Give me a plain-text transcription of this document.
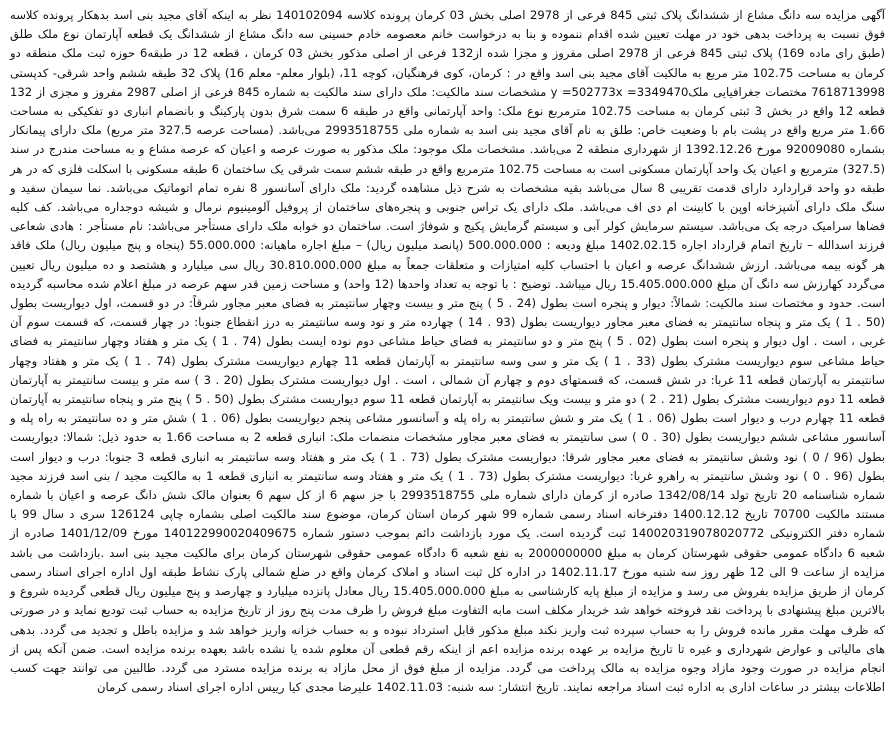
آگهی مزایده سه دانگ مشاع از ششدانگ پلاک ثبتی 845 فرعی از 2978 اصلی بخش 03 کرمان پرونده کلاسه 140102094 نظر به اینکه آقای مجید بنی اسد بدهکار پرونده کلاسه فوق نسبت به پرداخت بدهی خود در مهلت تعیین شده اقدام ننموده و بنا به درخواست خانم معصومه خادم حسینی سه دانگ مشاع از ششدانگ یک قطعه آپارتمان نوع ملک طلق (طبق رای ماده 169) پلاک ثبتی 845 فرعی از 2978 اصلی مفروز و مجزا شده از132 فرعی از اصلی مذکور بخش 03 کرمان ، قطعه 12 در طبقه6 حوزه ثبت ملک منطقه دو کرمان به مساحت 102.75 متر مربع به مالکیت آقای مجید بنی اسد واقع در : کرمان، کوی فرهنگیان، کوچه 11، (بلوار معلم- معلم 16) پلاک 32 طبقه ششم واحد شرقی- کدپستی 7618713998 مختصات جغرافیایی ملک3349470= y =502773x مشخصات سند مالکیت: ملک دارای سند مالکیت به شماره 845 فرعی از اصلی 2987 مفروز و مجزی از 132 قطعه 12 واقع در بخش 3 ثبتی کرمان به مساحت 102.75 مترمربع نوع ملک: واحد آپارتمانی واقع در طبقه 6 سمت شرق بدون پارکینگ و بانضمام انباری دو تفکیکی به مساحت 1.66 متر مربع واقع در پشت بام با وضعیت خاص: طلق به نام آقای مجید بنی اسد به شماره ملی 2993518755 می‌باشد. (مساحت عرصه 327.5 متر مربع) ملک دارای پیمانکار بشماره 92009080 مورخ 1392.12.26 از شهرداری منطقه 2 می‌باشد. مشخصات ملک موجود: ملک مذکور به صورت عرصه و اعیان که عرصه مشاع و به مساحت مندرج در سند (327.5) مترمربع و اعیان یک واحد آپارتمان مسکونی است به مساحت 102.75 مترمربع واقع در طبقه ششم سمت شرقی یک ساختمان 6 طبقه مسکونی با اسکلت فلزی که در هر طبقه دو واحد قراردارد دارای قدمت تقریبی 8 سال می‌باشد بقیه مشخصات به شرح ذیل مشاهده گردید: ملک دارای آسانسور 8 نفره تمام اتوماتیک می‌باشد. نما سیمان سفید و سنگ ملک دارای آشپزخانه اوپن با کابینت ام دی اف می‌باشد. ملک دارای یک تراس جنوبی و پنجره‌های ساختمان از پروفیل آلومینیوم نرمال و شیشه دوجداره می‌باشد. کف کلیه فضاها سرامیک درجه یک می‌باشد. سیستم سرمایش کولر آبی و سیستم گرمایش پکیج و شوفاژ است. ساختمان دو خوابه ملک دارای مستأجر می‌باشد: نام مستأجر : هادی شعاعی فرزند اسدالله – تاریخ اتمام قرارداد اجاره 1402.02.15 مبلغ ودیعه : 500.000.000 (پانصد میلیون ریال) – مبلغ اجاره ماهیانه: 55.000.000 (پنجاه و پنج میلیون ریال) ملک فاقد هر گونه بیمه می‌باشد. ارزش ششدانگ عرصه و اعیان با احتساب کلیه امتیازات و متعلقات جمعاً به مبلغ 30.810.000.000 ریال سی میلیارد و هشتصد و ده میلیون ریال تعیین می‌گردد کهارزش سه دانگ آن مبلغ 15.405.000.000 ریال میباشد. توضیح : با توجه به تعداد واحدها (12 واحد) و مساحت زمین قدر سهم عرصه در مبلغ اعلام شده محاسبه گردیده است. حدود و مختصات سند مالکیت: شمالاً: دیوار و پنجره است بطول (24 . 5 ) پنج متر و بیست وچهار سانتیمتر به فضای معبر مجاور شرقاً: در دو قسمت، اول دیواریست بطول (50 . 1 ) یک متر و پنجاه سانتیمتر به فضای معبر مجاور دیواریست بطول (93 . 14 ) چهارده متر و نود وسه سانتیمتر به درز انقطاع جنوبا: در چهار قسمت، که قسمت سوم آن غربی ، است . اول دیوار و پنجره است بطول (02 . 5 ) پنج متر و دو سانتیمتر به فضای حیاط مشاعی دوم نوده ایست بطول (74 . 1 ) یک متر و هفتاد وچهار سانتیمتر به فضای حیاط مشاعی سوم دیواریست مشترک بطول (33 . 1 ) یک متر و سی وسه سانتیمتر به آپارتمان قطعه 11 چهارم دیواریست مشترک بطول (74 . 1 ) یک متر و هفتاد وچهار سانتیمتر به آپارتمان قطعه 11 غربا: در شش قسمت، که قسمتهای دوم و چهارم آن شمالی ، است . اول دیواریست مشترک بطول (20 . 3 ) سه متر و بیست سانتیمتر به آپارتمان قطعه 11 دوم دیواریست مشترک بطول (21 . 2 ) دو متر و بیست ویک سانتیمتر به آپارتمان قطعه 11 سوم دیواریست مشترک بطول (50 . 5 ) پنج متر و پنجاه سانتیمتر به آپارتمان قطعه 11 چهارم درب و دیوار است بطول (06 . 1 ) یک متر و شش سانتیمتر به راه پله و آسانسور مشاعی پنجم دیواریست بطول (06 . 1 ) شش متر و ده سانتیمتر به راه پله و آسانسور مشاعی ششم دیواریست بطول (30 . 0 ) سی سانتیمتر به فضای معبر مجاور مشخصات منضمات ملک: انباری قطعه 2 به مساحت 1.66 به حدود ذیل: شمالا: دیواریست بطول (96 / 0 ) نود وشش سانتیمتر به فضای معبر مجاور شرقا: دیواریست مشترک بطول (73 . 1 ) یک متر و هفتاد وسه سانتیمتر به انباری قطعه 3 جنوبا: درب و دیوار است بطول (96 . 0 ) نود وشش سانتیمتر به راهرو غربا: دیواریست مشترک بطول (73 . 1 ) یک متر و هفتاد وسه سانتیمتر به انباری قطعه 1 به مالکیت مجید / بنی اسد فرزند مجید شماره شناسنامه 20 تاریخ تولد 1342/08/14 صادره از کرمان دارای شماره ملی 2993518755 با جز سهم 6 از کل سهم 6 بعنوان مالک شش دانگ عرصه و اعیان با شماره مستند مالکیت 70700 تاریخ 1400.12.12 دفترخانه اسناد رسمی شماره 99 شهر کرمان استان کرمان، موضوع سند مالکیت اصلی بشماره چاپی 126124 سری د سال 99 با شماره دفتر الکترونیکی 140020319078020772 ثبت گردیده است. یک مورد بازداشت دائم بموجب دستور شماره 140122990020409675 مورخ 1401/12/09 صادره از شعبه 6 دادگاه عمومی حقوقی شهرستان کرمان به مبلغ 2000000000 به نفع شعبه 6 دادگاه عمومی حقوقی شهرستان کرمان برای مالکیت مجید بنی اسد .بازداشت می باشد مزایده از ساعت 9 الی 12 ظهر روز سه شنبه مورخ 1402.11.17 در اداره کل ثبت اسناد و املاک کرمان واقع در ضلع شمالی پارک نشاط طبقه اول اداره اجرای اسناد رسمی کرمان از طریق مزایده بفروش می رسد و مزایده از مبلغ پایه کارشناسی به مبلغ 15.405.000.000 ریال معادل پانزده میلیارد و چهارصد و پنج میلیون ریال قطعی گردیده شروع و بالاترین مبلغ پیشنهادی با پرداخت نقد فروخته خواهد شد خریدار مکلف است مابه التفاوت مبلغ فروش را ظرف مدت پنج روز از تاریخ مزایده به حساب ثبت تودیع نماید و در صورتی که ظرف مهلت مقرر مانده فروش را به حساب سپرده ثبت واریز نکند مبلغ مذکور قابل استرداد نبوده و به حساب خزانه واریز خواهد شد و مزایده باطل و تجدید می گردد. بدهی های مالیاتی و عوارض شهرداری و غیره تا تاریخ مزایده بر عهده برنده مزایده اعم از اینکه رقم قطعی آن معلوم شده یا نشده باشد بعهده برنده مزایده است. ضمن آنکه پس از انجام مزایده در صورت وجود مازاد وجوه مزایده به مالک پرداخت می گردد. مزایده از مبلغ فوق از محل مازاد به برنده مزایده مسترد می گردد. طالبین می توانند جهت کسب اطلاعات بیشتر در ساعات اداری به اداره ثبت اسناد مراجعه نمایند. تاریخ انتشار: سه شنبه: 1402.11.03 علیرضا مجدی کیا رییس اداره اجرای اسناد رسمی کرمان
